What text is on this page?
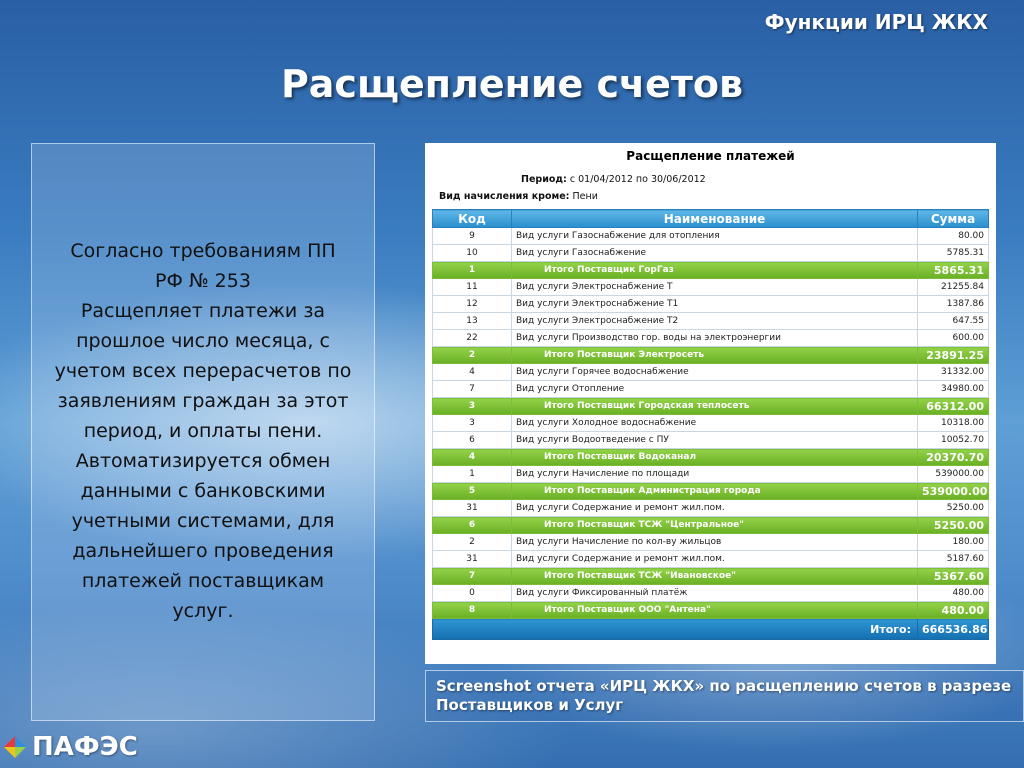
Функции ИРЦ ЖКХ
Расщепление счетов
Согласно требованиям ПП
РФ № 253
Расщепляет платежи за
прошлое число месяца, с
учетом всех перерасчетов по
заявлениям граждан за этот
период, и оплаты пени.
Автоматизируется обмен
данными с банковскими
учетными системами, для
дальнейшего проведения
платежей поставщикам
услуг.
Расщепление платежей
Период: с 01/04/2012 по 30/06/2012
Вид начисления кроме: Пени
Код	Наименование	Сумма
9	Вид услуги Газоснабжение для отопления	80.00
10	Вид услуги Газоснабжение	5785.31
1	Итого Поставщик ГорГаз	5865.31
11	Вид услуги Электроснабжение Т	21255.84
12	Вид услуги Электроснабжение Т1	1387.86
13	Вид услуги Электроснабжение Т2	647.55
22	Вид услуги Производство гор. воды на электроэнергии	600.00
2	Итого Поставщик Электросеть	23891.25
4	Вид услуги Горячее водоснабжение	31332.00
7	Вид услуги Отопление	34980.00
3	Итого Поставщик Городская теплосеть	66312.00
3	Вид услуги Холодное водоснабжение	10318.00
6	Вид услуги Водоотведение с ПУ	10052.70
4	Итого Поставщик Водоканал	20370.70
1	Вид услуги Начисление по площади	539000.00
5	Итого Поставщик Администрация города	539000.00
31	Вид услуги Содержание и ремонт жил.пом.	5250.00
6	Итого Поставщик ТСЖ "Центральное"	5250.00
2	Вид услуги Начисление по кол-ву жильцов	180.00
31	Вид услуги Содержание и ремонт жил.пом.	5187.60
7	Итого Поставщик ТСЖ "Ивановское"	5367.60
0	Вид услуги Фиксированный платёж	480.00
8	Итого Поставщик ООО "Антена"	480.00
Итого:		666536.86
Screenshot отчета «ИРЦ ЖКХ» по расщеплению счетов в разрезе Поставщиков и Услуг
ПАФЭС
